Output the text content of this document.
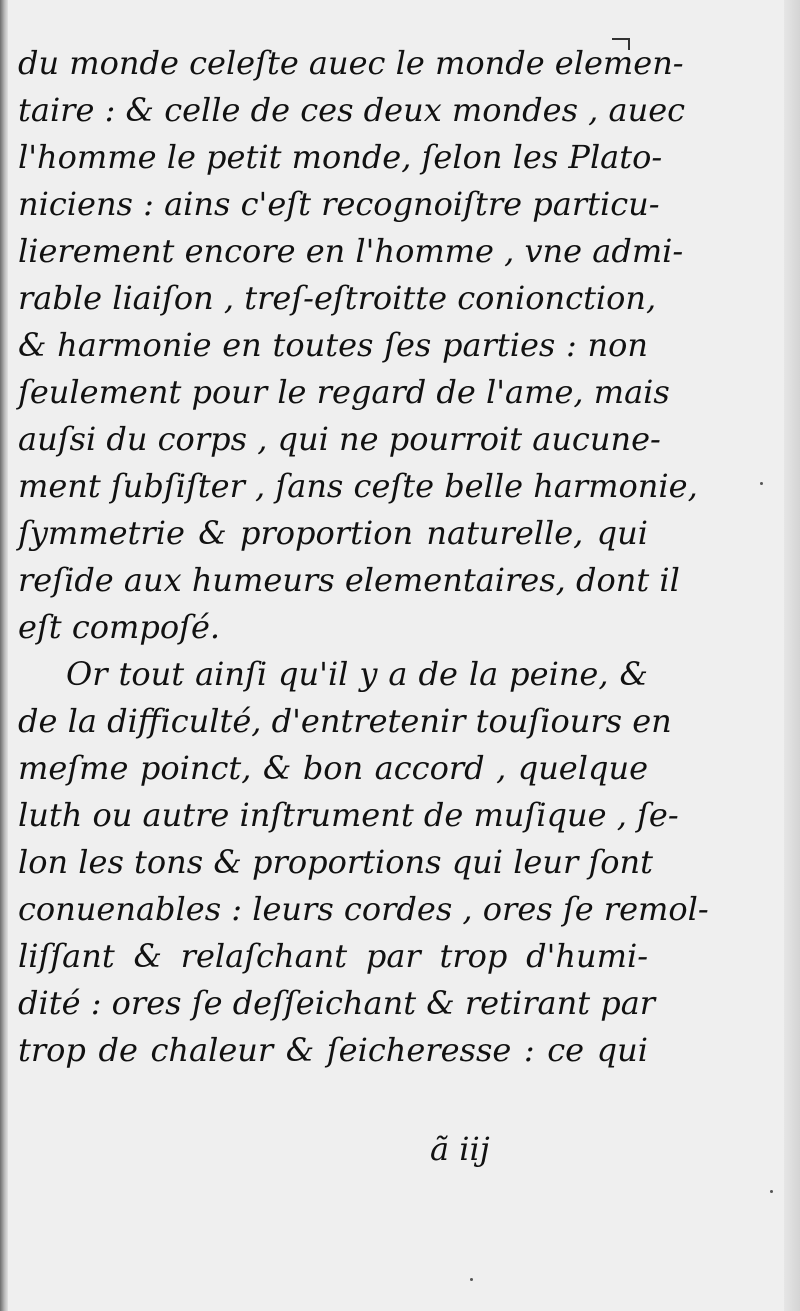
du monde celeſte auec le monde elemen-
taire : & celle de ces deux mondes , auec
l'homme le petit monde, ſelon les Plato-
niciens : ains c'eſt recognoiſtre particu-
lierement encore en l'homme , vne admi-
rable liaiſon , treſ-eſtroitte conionction,
& harmonie en toutes ſes parties : non
ſeulement pour le regard de l'ame, mais
auſsi du corps , qui ne pourroit aucune-
ment ſubſiſter , ſans ceſte belle harmonie,
ſymmetrie & proportion naturelle, qui
reſide aux humeurs elementaires, dont il
eſt compoſé.
Or tout ainſi qu'il y a de la peine, &
de la difficulté, d'entretenir touſiours en
meſme poinct, & bon accord , quelque
luth ou autre inſtrument de muſique , ſe-
lon les tons & proportions qui leur ſont
conuenables : leurs cordes , ores ſe remol-
liſſant & relaſchant par trop d'humi-
dité : ores ſe deſſeichant & retirant par
trop de chaleur & ſeicheresse : ce qui
ã iij
